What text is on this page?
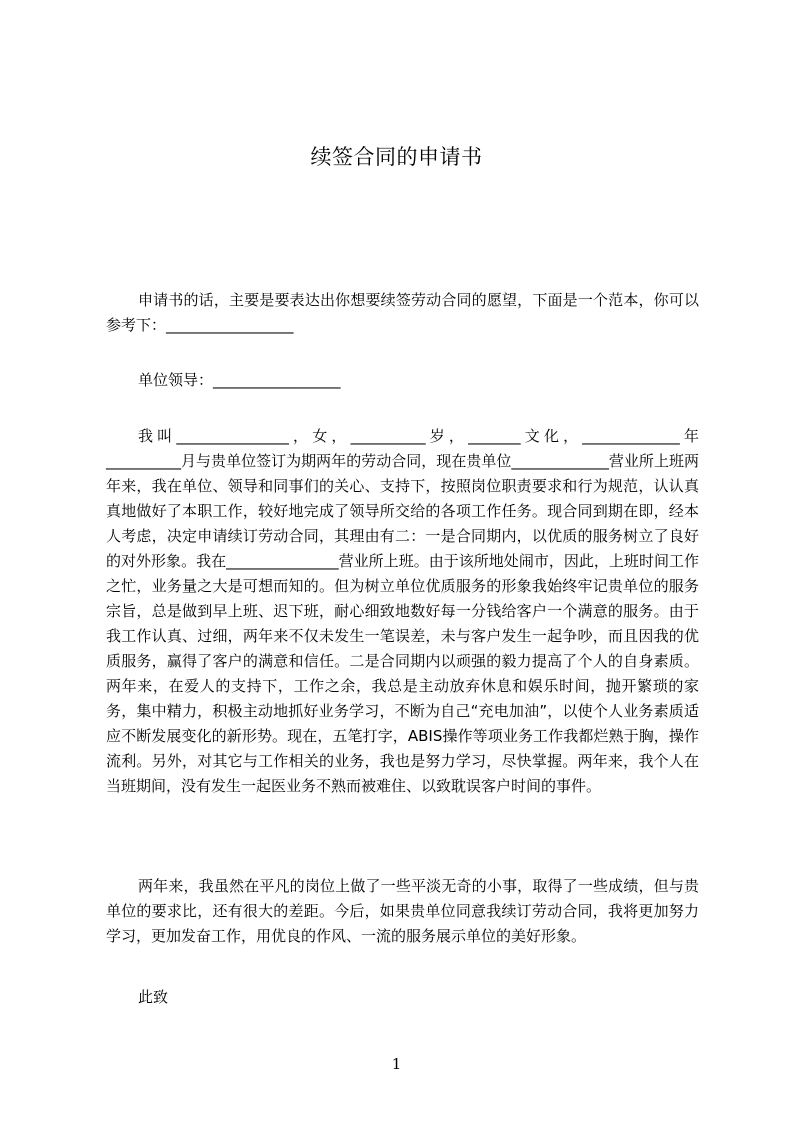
续签合同的申请书

申请书的话，主要是要表达出你想要续签劳动合同的愿望，下面是一个范本，你可以参考下：_________________

单位领导：_________________

我叫_______________，女，__________岁，_______文化，_____________年__________月与贵单位签订为期两年的劳动合同，现在贵单位_____________营业所上班两年来，我在单位、领导和同事们的关心、支持下，按照岗位职责要求和行为规范，认认真真地做好了本职工作，较好地完成了领导所交给的各项工作任务。现合同到期在即，经本人考虑，决定申请续订劳动合同，其理由有二：一是合同期内，以优质的服务树立了良好的对外形象。我在_______________营业所上班。由于该所地处闹市，因此，上班时间工作之忙，业务量之大是可想而知的。但为树立单位优质服务的形象我始终牢记贵单位的服务宗旨，总是做到早上班、迟下班，耐心细致地数好每一分钱给客户一个满意的服务。由于我工作认真、过细，两年来不仅未发生一笔误差，未与客户发生一起争吵，而且因我的优质服务，赢得了客户的满意和信任。二是合同期内以顽强的毅力提高了个人的自身素质。两年来，在爱人的支持下，工作之余，我总是主动放弃休息和娱乐时间，抛开繁琐的家务，集中精力，积极主动地抓好业务学习，不断为自己“充电加油”，以使个人业务素质适应不断发展变化的新形势。现在，五笔打字，ABIS操作等项业务工作我都烂熟于胸，操作流利。另外，对其它与工作相关的业务，我也是努力学习，尽快掌握。两年来，我个人在当班期间，没有发生一起医业务不熟而被难住、以致耽误客户时间的事件。

两年来，我虽然在平凡的岗位上做了一些平淡无奇的小事，取得了一些成绩，但与贵单位的要求比，还有很大的差距。今后，如果贵单位同意我续订劳动合同，我将更加努力学习，更加发奋工作，用优良的作风、一流的服务展示单位的美好形象。

此致

1
